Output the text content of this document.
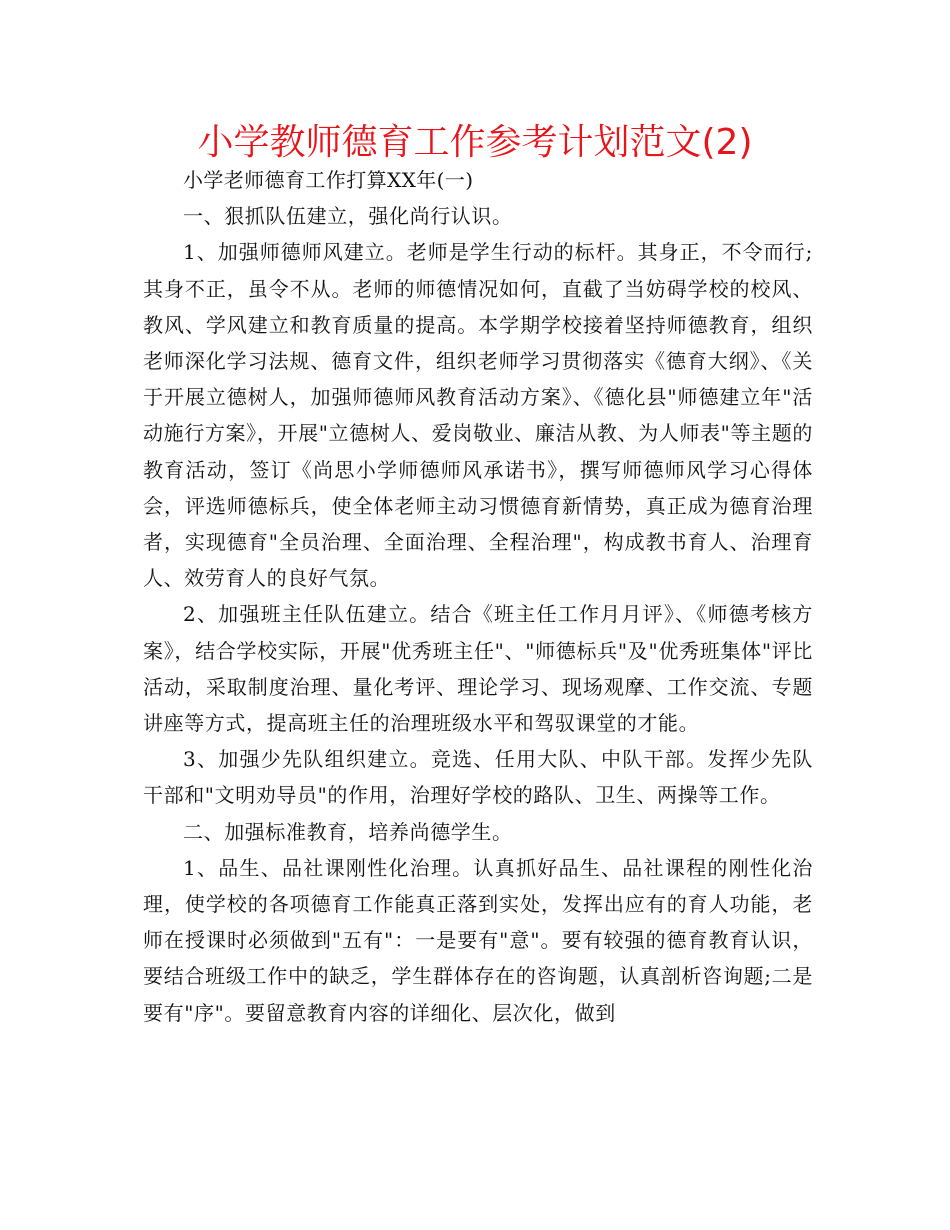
小学教师德育工作参考计划范文(2)

小学老师德育工作打算XX年(一)

一、狠抓队伍建立，强化尚行认识。

1、加强师德师风建立。老师是学生行动的标杆。其身正，不令而行;其身不正，虽令不从。老师的师德情况如何，直截了当妨碍学校的校风、教风、学风建立和教育质量的提高。本学期学校接着坚持师德教育，组织老师深化学习法规、德育文件，组织老师学习贯彻落实《德育大纲》、《关于开展立德树人，加强师德师风教育活动方案》、《德化县"师德建立年"活动施行方案》，开展"立德树人、爱岗敬业、廉洁从教、为人师表"等主题的教育活动，签订《尚思小学师德师风承诺书》，撰写师德师风学习心得体会，评选师德标兵，使全体老师主动习惯德育新情势，真正成为德育治理者，实现德育"全员治理、全面治理、全程治理"，构成教书育人、治理育人、效劳育人的良好气氛。

2、加强班主任队伍建立。结合《班主任工作月月评》、《师德考核方案》，结合学校实际，开展"优秀班主任"、"师德标兵"及"优秀班集体"评比活动，采取制度治理、量化考评、理论学习、现场观摩、工作交流、专题讲座等方式，提高班主任的治理班级水平和驾驭课堂的才能。

3、加强少先队组织建立。竞选、任用大队、中队干部。发挥少先队干部和"文明劝导员"的作用，治理好学校的路队、卫生、两操等工作。

二、加强标准教育，培养尚德学生。

1、品生、品社课刚性化治理。认真抓好品生、品社课程的刚性化治理，使学校的各项德育工作能真正落到实处，发挥出应有的育人功能，老师在授课时必须做到"五有"：一是要有"意"。要有较强的德育教育认识，要结合班级工作中的缺乏，学生群体存在的咨询题，认真剖析咨询题;二是要有"序"。要留意教育内容的详细化、层次化，做到
